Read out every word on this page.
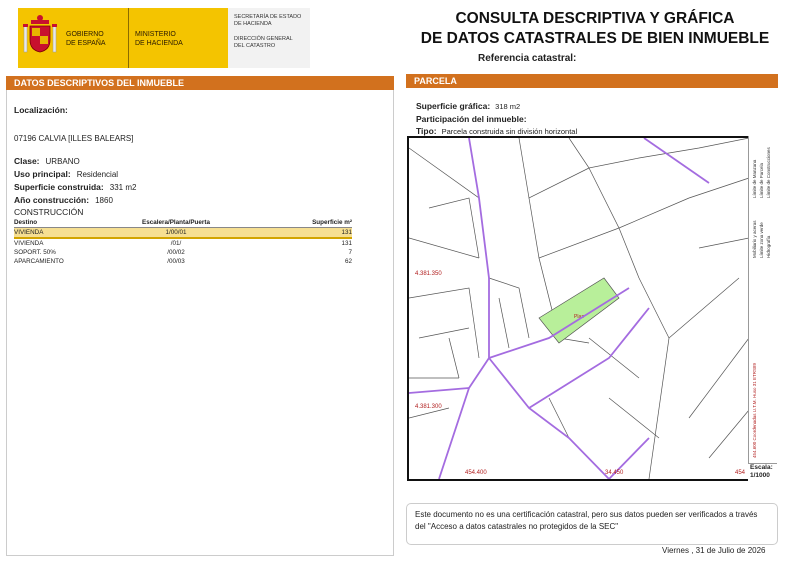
GOBIERNO
DE ESPAÑA
MINISTERIO
DE HACIENDA
SECRETARÍA DE ESTADO
DE HACIENDA
DIRECCIÓN GENERAL
DEL CATASTRO
CONSULTA DESCRIPTIVA Y GRÁFICA
DE DATOS CATASTRALES DE BIEN INMUEBLE
Referencia catastral:
DATOS DESCRIPTIVOS DEL INMUEBLE
Localización:
07196 CALVIA [ILLES BALEARS]
Clase: URBANO
Uso principal: Residencial
Superficie construida: 331 m2
Año construcción: 1860
CONSTRUCCIÓN
Destino	Escalera/Planta/Puerta	Superficie m²
VIVIENDA	1/00/01	131
VIVIENDA	/01/	131
SOPORT. 50%	/00/02	7
APARCAMIENTO	/00/03	62
PARCELA
Superficie gráfica: 318 m2
Participación del inmueble:
Tipo: Parcela construida sin división horizontal
Plaz
4.381.350
4.381.300
454.400	34.450	454
Límite de Manzana Límite de Parcela Límite de Construcciones
Mobiliario y aceras Límite zona verde Hidrografía
454.600 Coordenadas U.T.M. Huso 31 ETRS89
Escala:
1/1000
Este documento no es una certificación catastral, pero sus datos pueden ser verificados a través del "Acceso a datos catastrales no protegidos de la SEC"
Viernes , 31 de Julio de 2026
